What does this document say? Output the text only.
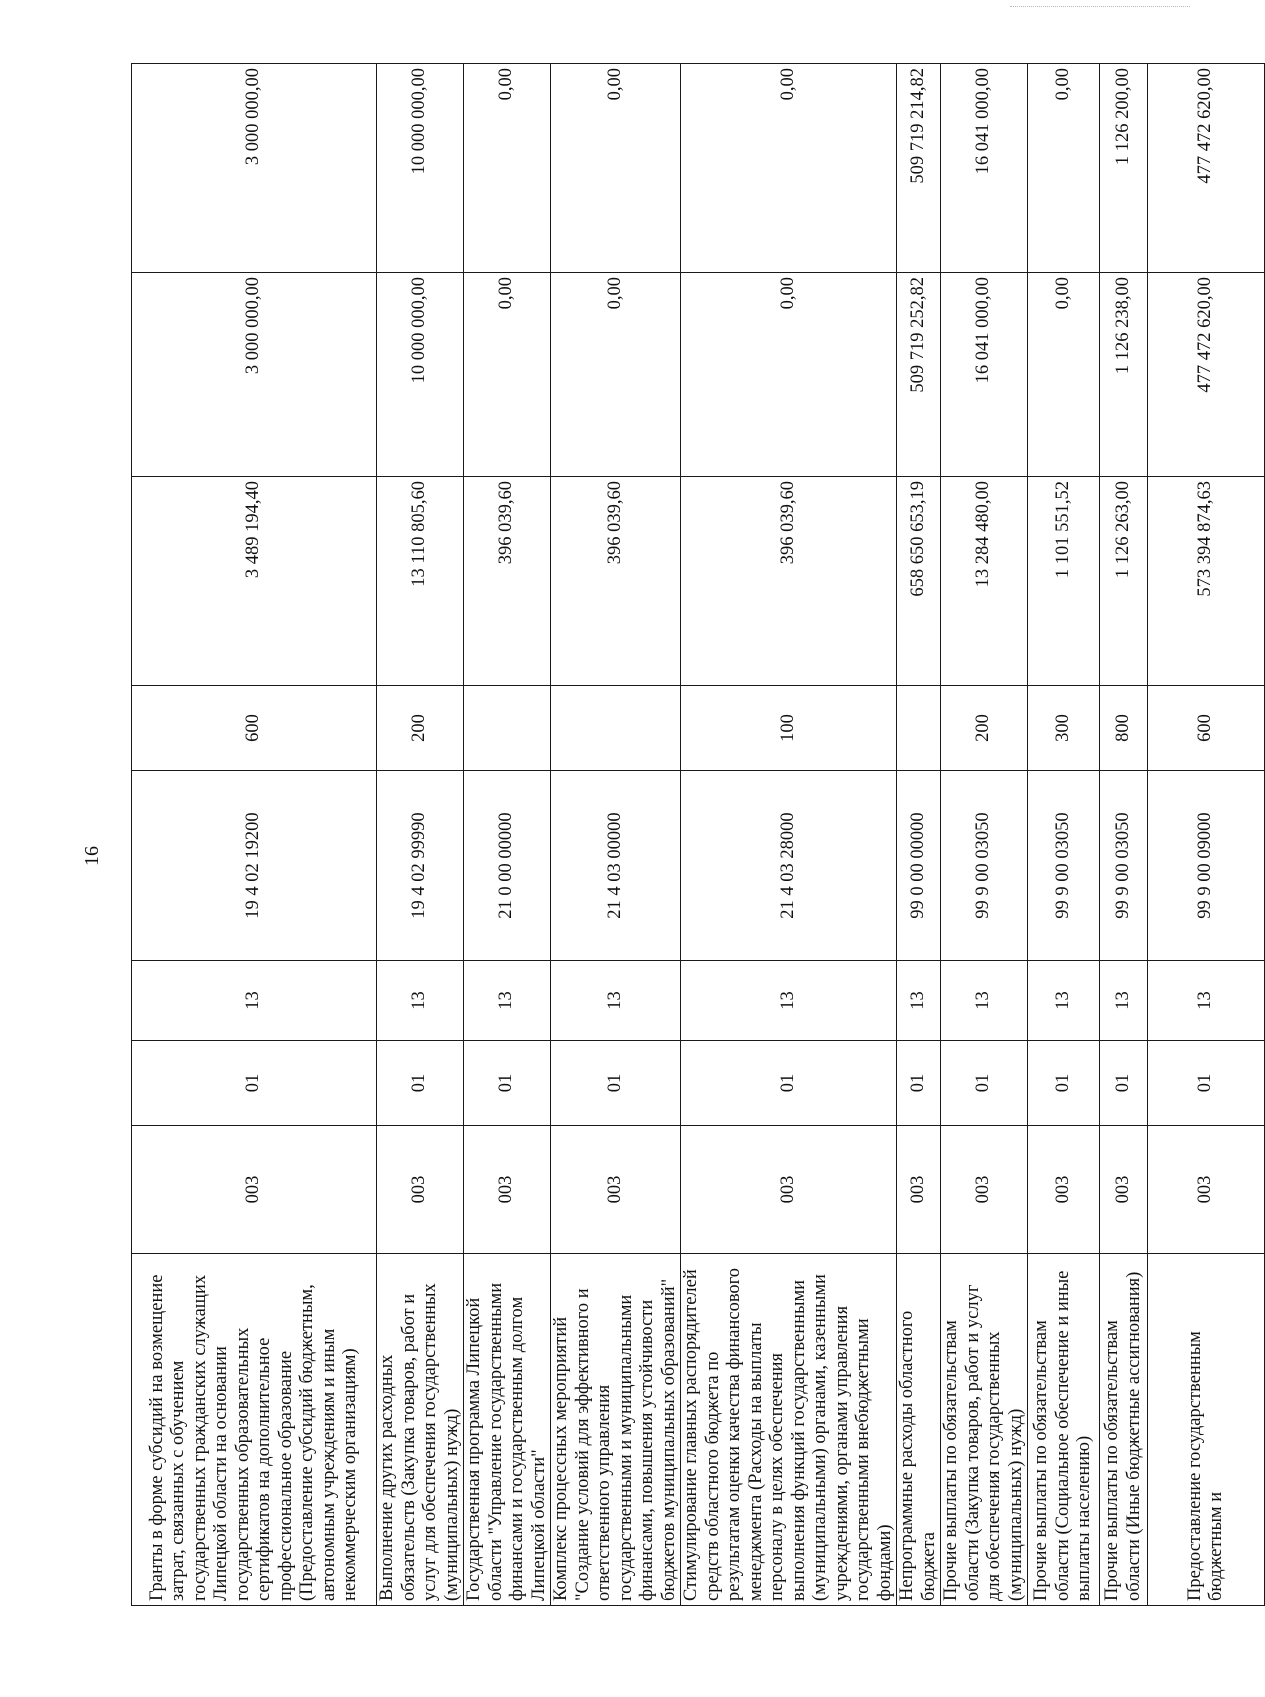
16
Гранты в форме субсидий на возмещение затрат, связанных с обучением государственных гражданских служащих Липецкой области на основании государственных образовательных сертификатов на дополнительное профессиональное образование (Предоставление субсидий бюджетным, автономным учреждениям и иным некоммерческим организациям)	003	01	13	19 4 02 19200	600	3 489 194,40	3 000 000,00	3 000 000,00
Выполнение других расходных обязательств (Закупка товаров, работ и услуг для обеспечения государственных (муниципальных) нужд)	003	01	13	19 4 02 99990	200	13 110 805,60	10 000 000,00	10 000 000,00
Государственная программа Липецкой области "Управление государственными финансами и государственным долгом Липецкой области"	003	01	13	21 0 00 00000		396 039,60	0,00	0,00
Комплекс процессных мероприятий "Создание условий для эффективного и ответственного управления государственными и муниципальными финансами, повышения устойчивости бюджетов муниципальных образований"	003	01	13	21 4 03 00000		396 039,60	0,00	0,00
Стимулирование главных распорядителей средств областного бюджета по результатам оценки качества финансового менеджмента (Расходы на выплаты персоналу в целях обеспечения выполнения функций государственными (муниципальными) органами, казенными учреждениями, органами управления государственными внебюджетными фондами)	003	01	13	21 4 03 28000	100	396 039,60	0,00	0,00
Непрограммные расходы областного бюджета	003	01	13	99 0 00 00000		658 650 653,19	509 719 252,82	509 719 214,82
Прочие выплаты по обязательствам области (Закупка товаров, работ и услуг для обеспечения государственных (муниципальных) нужд)	003	01	13	99 9 00 03050	200	13 284 480,00	16 041 000,00	16 041 000,00
Прочие выплаты по обязательствам области (Социальное обеспечение и иные выплаты населению)	003	01	13	99 9 00 03050	300	1 101 551,52	0,00	0,00
Прочие выплаты по обязательствам области (Иные бюджетные ассигнования)	003	01	13	99 9 00 03050	800	1 126 263,00	1 126 238,00	1 126 200,00
Предоставление государственным бюджетным и	003	01	13	99 9 00 09000	600	573 394 874,63	477 472 620,00	477 472 620,00
